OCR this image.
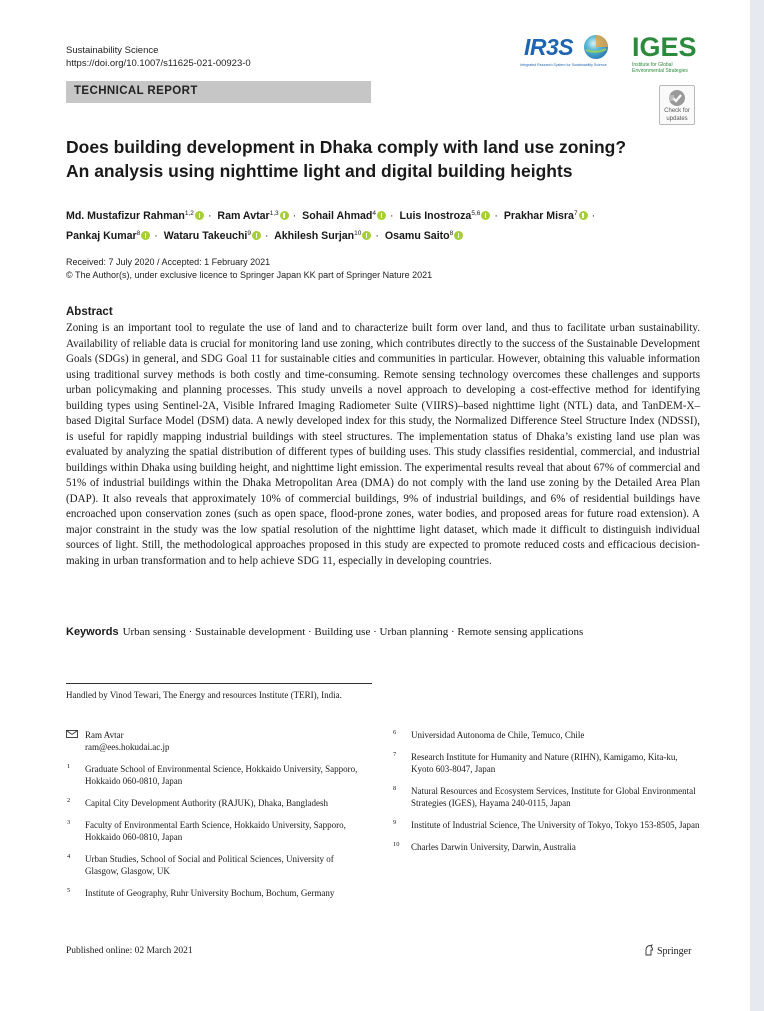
Sustainability Science
https://doi.org/10.1007/s11625-021-00923-0
IR3S
Integrated Research System for Sustainability Science
IGES
Institute for Global Environmental Strategies
TECHNICAL REPORT
Check for
updates
Does building development in Dhaka comply with land use zoning?
An analysis using nighttime light and digital building heights
Md. Mustafizur Rahman$^{1,2}$ · Ram Avtar$^{1,3}$ · Sohail Ahmad$^4$ · Luis Inostroza$^{5,6}$ · Prakhar Misra$^7$ ·
Pankaj Kumar$^8$ · Wataru Takeuchi$^9$ · Akhilesh Surjan$^{10}$ · Osamu Saito$^8$
Received: 7 July 2020 / Accepted: 1 February 2021
© The Author(s), under exclusive licence to Springer Japan KK part of Springer Nature 2021
Abstract
Zoning is an important tool to regulate the use of land and to characterize built form over land, and thus to facilitate urban sustainability. Availability of reliable data is crucial for monitoring land use zoning, which contributes directly to the success of the Sustainable Development Goals (SDGs) in general, and SDG Goal 11 for sustainable cities and communities in particular. However, obtaining this valuable information using traditional survey methods is both costly and time-consuming. Remote sensing technology overcomes these challenges and supports urban policymaking and planning processes. This study unveils a novel approach to developing a cost-effective method for identifying building types using Sentinel-2A, Visible Infrared Imaging Radiometer Suite (VIIRS)–based nighttime light (NTL) data, and TanDEM-X–based Digital Surface Model (DSM) data. A newly developed index for this study, the Normalized Difference Steel Structure Index (NDSSI), is useful for rapidly mapping industrial buildings with steel structures. The implementation status of Dhaka’s existing land use plan was evaluated by analyzing the spatial distribution of different types of building uses. This study classifies residential, commercial, and industrial buildings within Dhaka using building height, and nighttime light emission. The experimental results reveal that about 67% of commercial and 51% of industrial buildings within the Dhaka Metropolitan Area (DMA) do not comply with the land use zoning by the Detailed Area Plan (DAP). It also reveals that approximately 10% of commercial buildings, 9% of industrial buildings, and 6% of residential buildings have encroached upon conservation zones (such as open space, flood-prone zones, water bodies, and proposed areas for future road extension). A major constraint in the study was the low spatial resolution of the nighttime light dataset, which made it difficult to distinguish individual sources of light. Still, the methodological approaches proposed in this study are expected to promote reduced costs and efficacious decision-making in urban transformation and to help achieve SDG 11, especially in developing countries.
Keywords Urban sensing · Sustainable development · Building use · Urban planning · Remote sensing applications
Handled by Vinod Tewari, The Energy and resources Institute (TERI), India.
Ram Avtar
ram@ees.hokudai.ac.jp
1 Graduate School of Environmental Science, Hokkaido University, Sapporo, Hokkaido 060-0810, Japan
2 Capital City Development Authority (RAJUK), Dhaka, Bangladesh
3 Faculty of Environmental Earth Science, Hokkaido University, Sapporo, Hokkaido 060-0810, Japan
4 Urban Studies, School of Social and Political Sciences, University of Glasgow, Glasgow, UK
5 Institute of Geography, Ruhr University Bochum, Bochum, Germany
6 Universidad Autonoma de Chile, Temuco, Chile
7 Research Institute for Humanity and Nature (RIHN), Kamigamo, Kita-ku, Kyoto 603-8047, Japan
8 Natural Resources and Ecosystem Services, Institute for Global Environmental Strategies (IGES), Hayama 240-0115, Japan
9 Institute of Industrial Science, The University of Tokyo, Tokyo 153-8505, Japan
10 Charles Darwin University, Darwin, Australia
Published online: 02 March 2021	Springer
